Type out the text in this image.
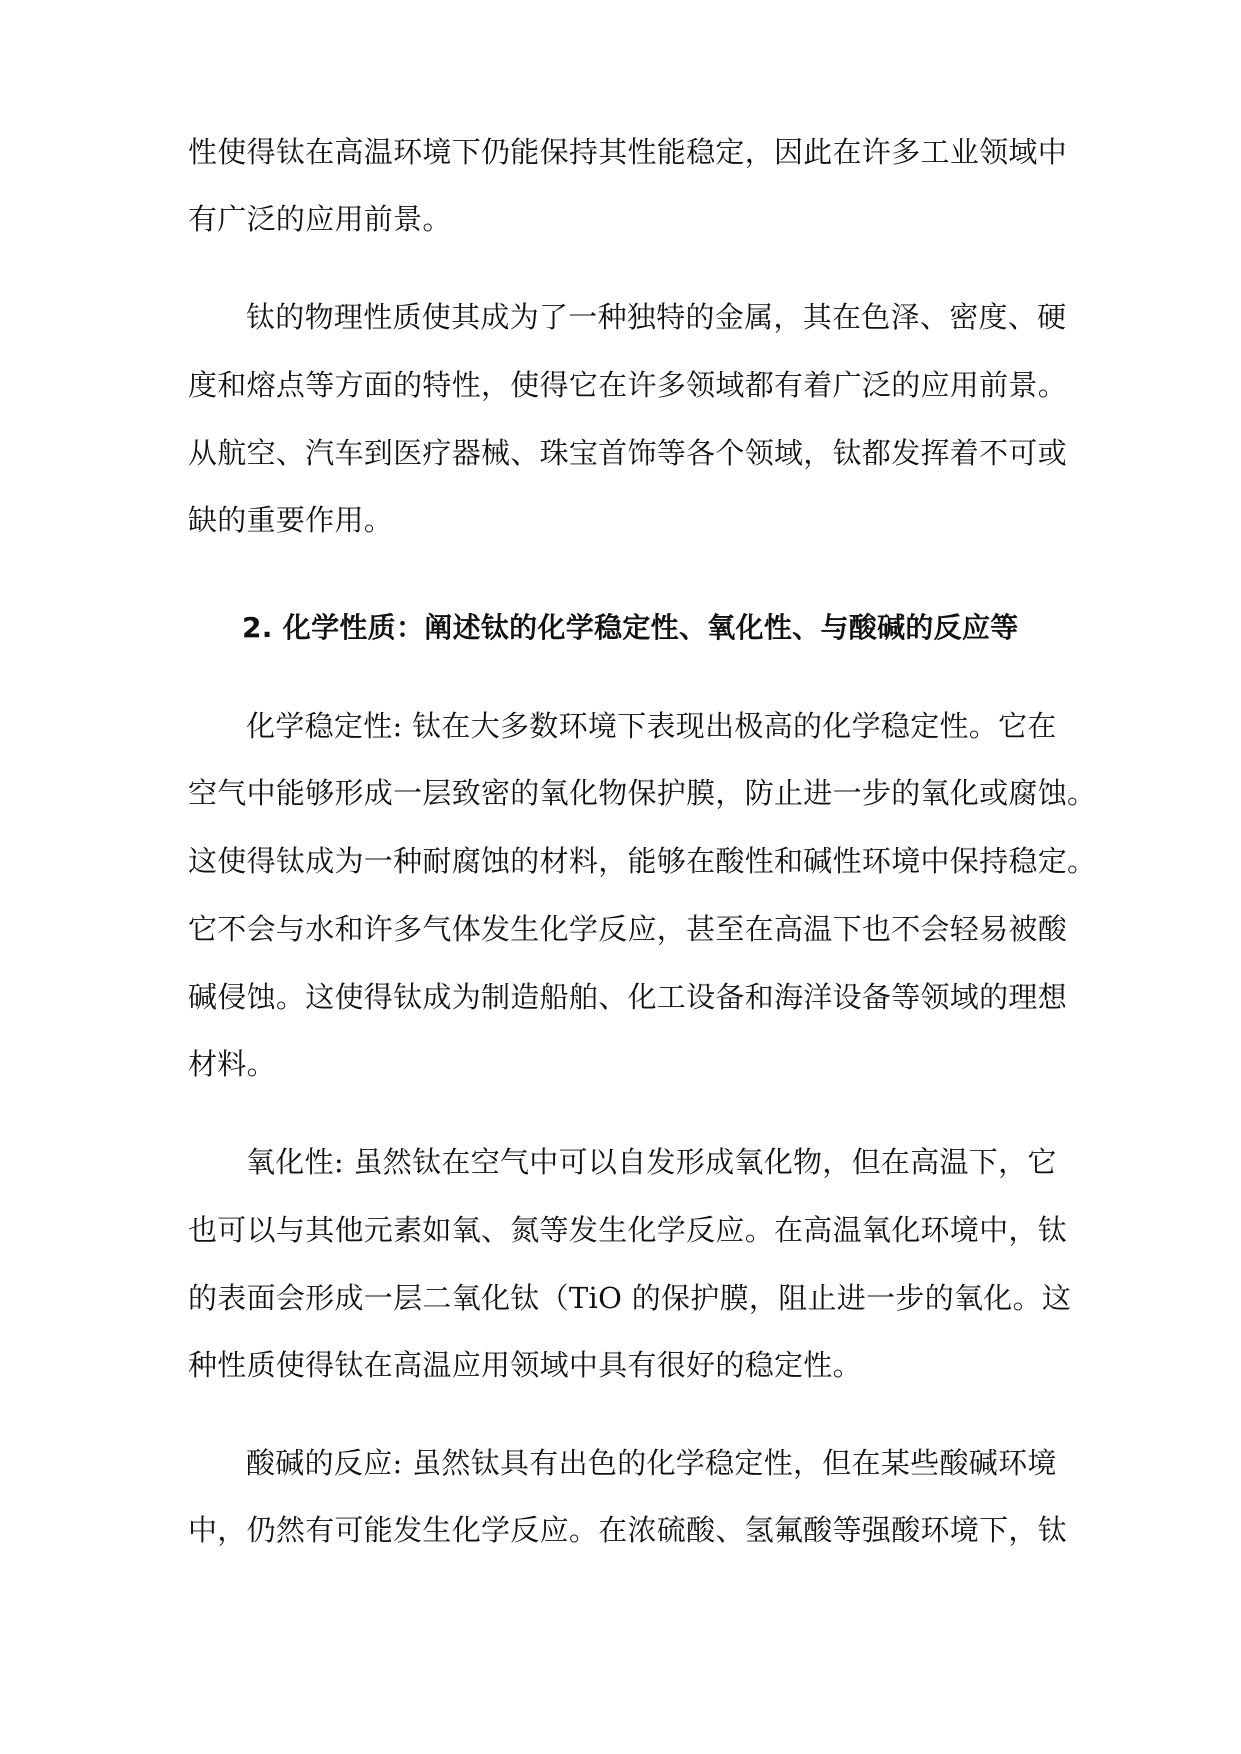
性使得钛在高温环境下仍能保持其性能稳定，因此在许多工业领域中
有广泛的应用前景。
钛的物理性质使其成为了一种独特的金属，其在色泽、密度、硬
度和熔点等方面的特性，使得它在许多领域都有着广泛的应用前景。
从航空、汽车到医疗器械、珠宝首饰等各个领域，钛都发挥着不可或
缺的重要作用。
2. 化学性质：阐述钛的化学稳定性、氧化性、与酸碱的反应等
化学稳定性: 钛在大多数环境下表现出极高的化学稳定性。它在
空气中能够形成一层致密的氧化物保护膜，防止进一步的氧化或腐蚀。
这使得钛成为一种耐腐蚀的材料，能够在酸性和碱性环境中保持稳定。
它不会与水和许多气体发生化学反应，甚至在高温下也不会轻易被酸
碱侵蚀。这使得钛成为制造船舶、化工设备和海洋设备等领域的理想
材料。
氧化性: 虽然钛在空气中可以自发形成氧化物，但在高温下，它
也可以与其他元素如氧、氮等发生化学反应。在高温氧化环境中，钛
的表面会形成一层二氧化钛（TiO 的保护膜，阻止进一步的氧化。这
种性质使得钛在高温应用领域中具有很好的稳定性。
酸碱的反应: 虽然钛具有出色的化学稳定性，但在某些酸碱环境
中，仍然有可能发生化学反应。在浓硫酸、氢氟酸等强酸环境下，钛
